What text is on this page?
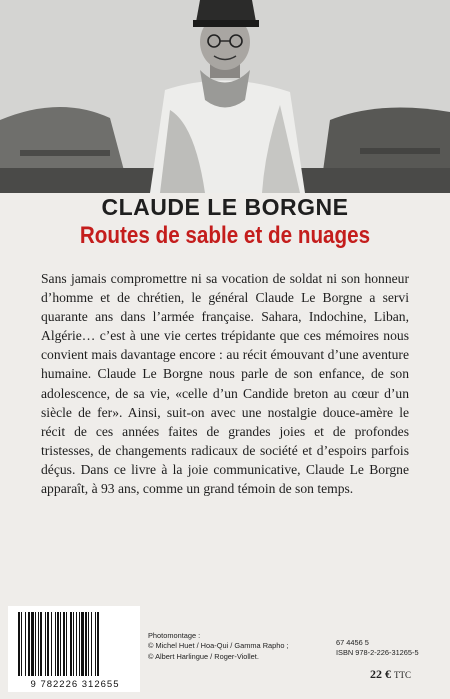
CLAUDE LE BORGNE
Routes de sable et de nuages

Sans jamais compromettre ni sa vocation de soldat ni son honneur d’homme et de chrétien, le général Claude Le Borgne a servi quarante ans dans l’armée française. Sahara, Indochine, Liban, Algérie… c’est à une vie certes trépidante que ces mémoires nous convient mais davantage encore : au récit émouvant d’une aventure humaine. Claude Le Borgne nous parle de son enfance, de son adolescence, de sa vie, «celle d’un Candide breton au cœur d’un siècle de fer». Ainsi, suit-on avec une nostalgie douce-amère le récit de ces années faites de grandes joies et de profondes tristesses, de changements radicaux de société et d’espoirs parfois déçus. Dans ce livre à la joie communicative, Claude Le Borgne apparaît, à 93 ans, comme un grand témoin de son temps.

9 782226 312655
Photomontage :
© Michel Huet / Hoa-Qui / Gamma Rapho ;
© Albert Harlingue / Roger-Viollet.
67 4456 5
ISBN 978-2-226-31265-5
22 € TTC
